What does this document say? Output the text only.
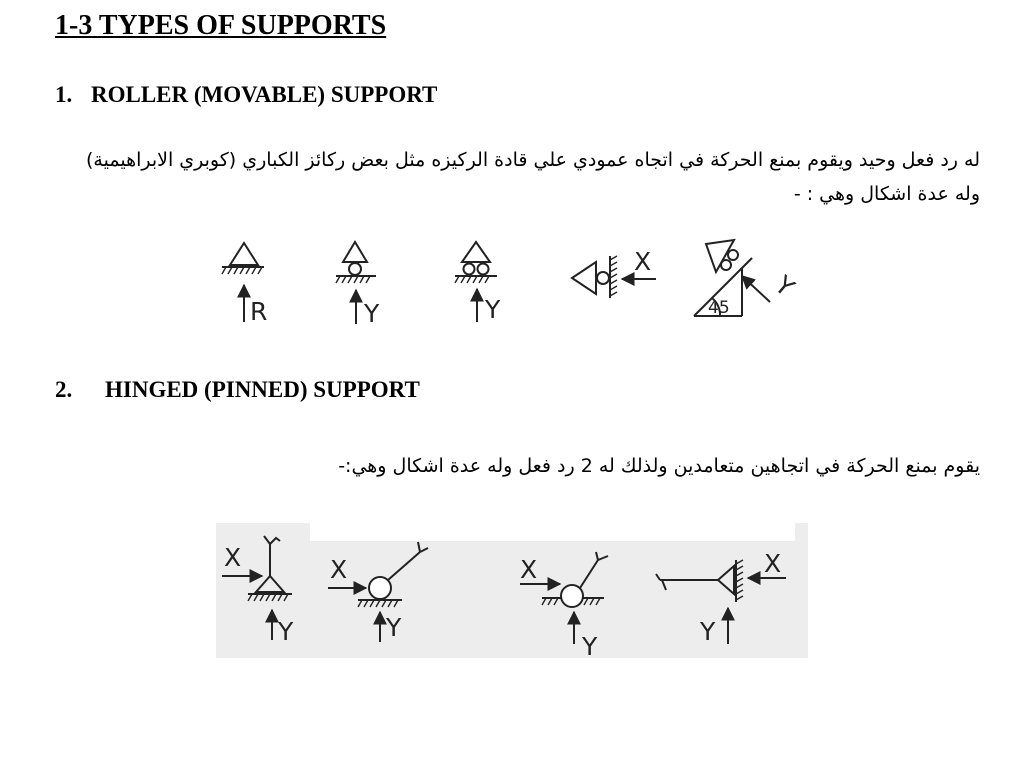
1-3 TYPES OF SUPPORTS
1. ROLLER (MOVABLE) SUPPORT
له رد فعل وحيد ويقوم بمنع الحركة في اتجاه عمودي علي قادة الركيزه مثل بعض ركائز الكباري (كوبري الابراهيمية) وله عدة اشكال وهي : -
2. HINGED (PINNED) SUPPORT
يقوم بمنع الحركة في اتجاهين متعامدين ولذلك له 2 رد فعل وله عدة اشكال وهي:-
R	Y	Y
X
45
Y
X
Y
X
Y
X
Y
X
Y
